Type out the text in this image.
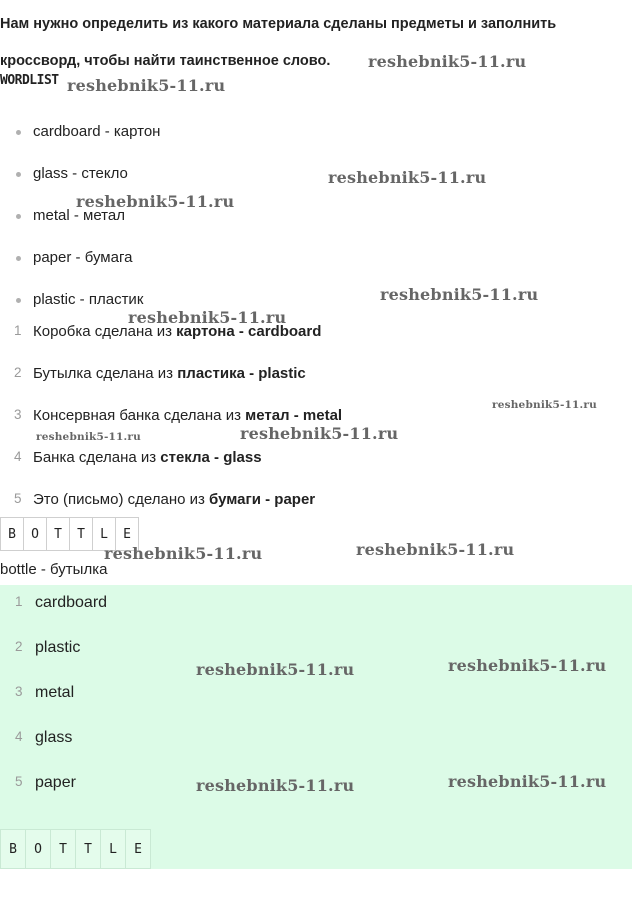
Нам нужно определить из какого материала сделаны предметы и заполнить
кроссворд, чтобы найти таинственное слово.
WORDLIST
cardboard - картон
glass - стекло
metal - метал
paper - бумага
plastic - пластик
1 Коробка сделана из картона - cardboard
2 Бутылка сделана из пластика - plastic
3 Консервная банка сделана из метал - metal
4 Банка сделана из стекла - glass
5 Это (письмо) сделано из бумаги - paper
B	O	T	T	L	E
bottle - бутылка
1 cardboard
2 plastic
3 metal
4 glass
5 paper
B	O	T	T	L	E
reshebnik5-11.ru
reshebnik5-11.ru
reshebnik5-11.ru
reshebnik5-11.ru
reshebnik5-11.ru
reshebnik5-11.ru
reshebnik5-11.ru
reshebnik5-11.ru	reshebnik5-11.ru
reshebnik5-11.ru	reshebnik5-11.ru
reshebnik5-11.ru	reshebnik5-11.ru
reshebnik5-11.ru	reshebnik5-11.ru
